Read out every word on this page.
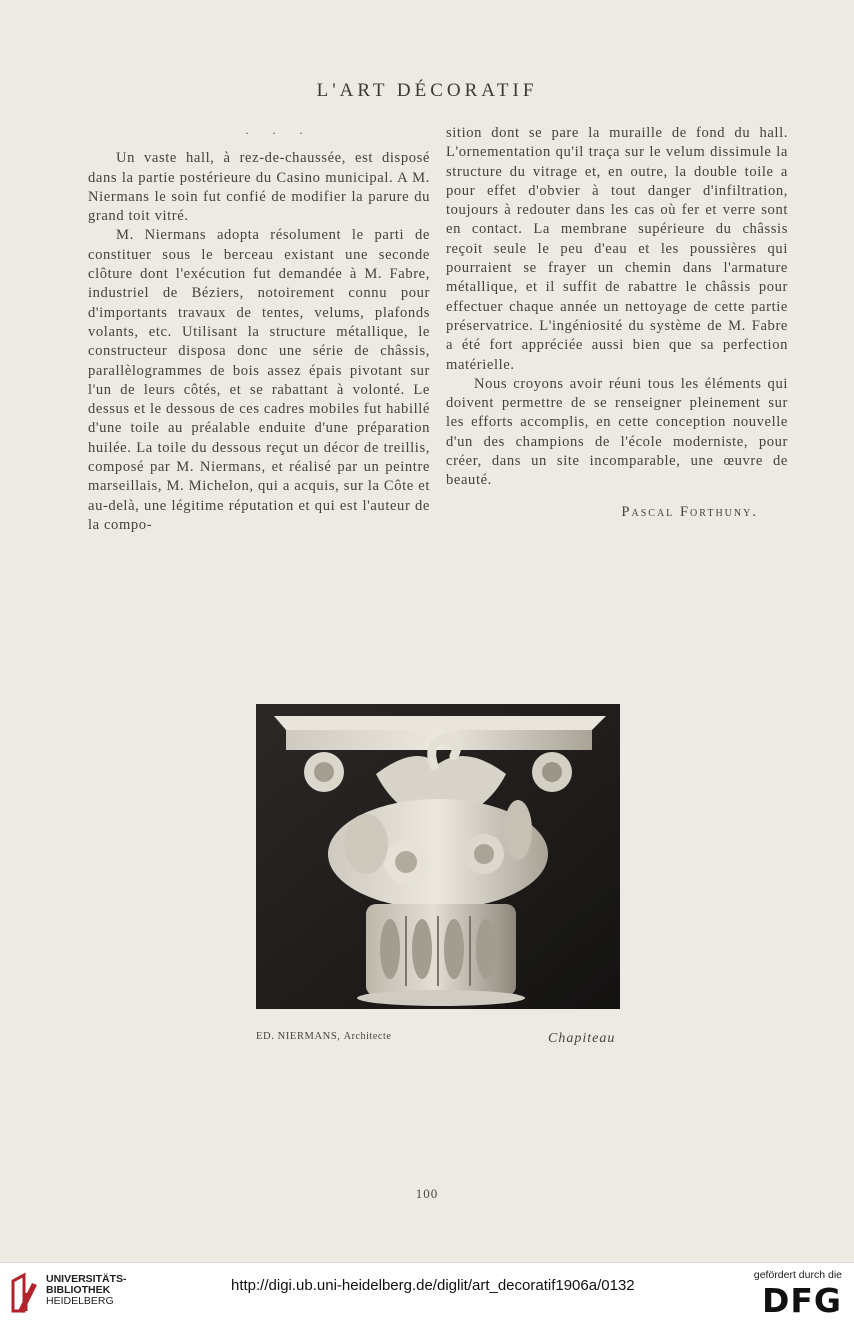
L'ART DÉCORATIF

· · ·

Un vaste hall, à rez-de-chaussée, est disposé dans la partie postérieure du Casino municipal. A M. Niermans le soin fut confié de modifier la parure du grand toit vitré.

M. Niermans adopta résolument le parti de constituer sous le berceau existant une seconde clôture dont l'exécution fut demandée à M. Fabre, industriel de Béziers, notoirement connu pour d'importants travaux de tentes, velums, plafonds volants, etc. Utilisant la structure métallique, le constructeur disposa donc une série de châssis, parallèlogrammes de bois assez épais pivotant sur l'un de leurs côtés, et se rabattant à volonté. Le dessus et le dessous de ces cadres mobiles fut habillé d'une toile au préalable enduite d'une préparation huilée. La toile du dessous reçut un décor de treillis, composé par M. Niermans, et réalisé par un peintre marseillais, M. Michelon, qui a acquis, sur la Côte et au-delà, une légitime réputation et qui est l'auteur de la compo-

sition dont se pare la muraille de fond du hall. L'ornementation qu'il traça sur le velum dissimule la structure du vitrage et, en outre, la double toile a pour effet d'obvier à tout danger d'infiltration, toujours à redouter dans les cas où fer et verre sont en contact. La membrane supérieure du châssis reçoit seule le peu d'eau et les poussières qui pourraient se frayer un chemin dans l'armature métallique, et il suffit de rabattre le châssis pour effectuer chaque année un nettoyage de cette partie préservatrice. L'ingéniosité du système de M. Fabre a été fort appréciée aussi bien que sa perfection matérielle.

Nous croyons avoir réuni tous les éléments qui doivent permettre de se renseigner pleinement sur les efforts accomplis, en cette conception nouvelle d'un des champions de l'école moderniste, pour créer, dans un site incomparable, une œuvre de beauté.

Pascal Forthuny.

ED. NIERMANS, Architecte	Chapiteau
100
UNIVERSITÄTS-
BIBLIOTHEK
HEIDELBERG
http://digi.ub.uni-heidelberg.de/diglit/art_decoratif1906a/0132
gefördert durch die
DFG
